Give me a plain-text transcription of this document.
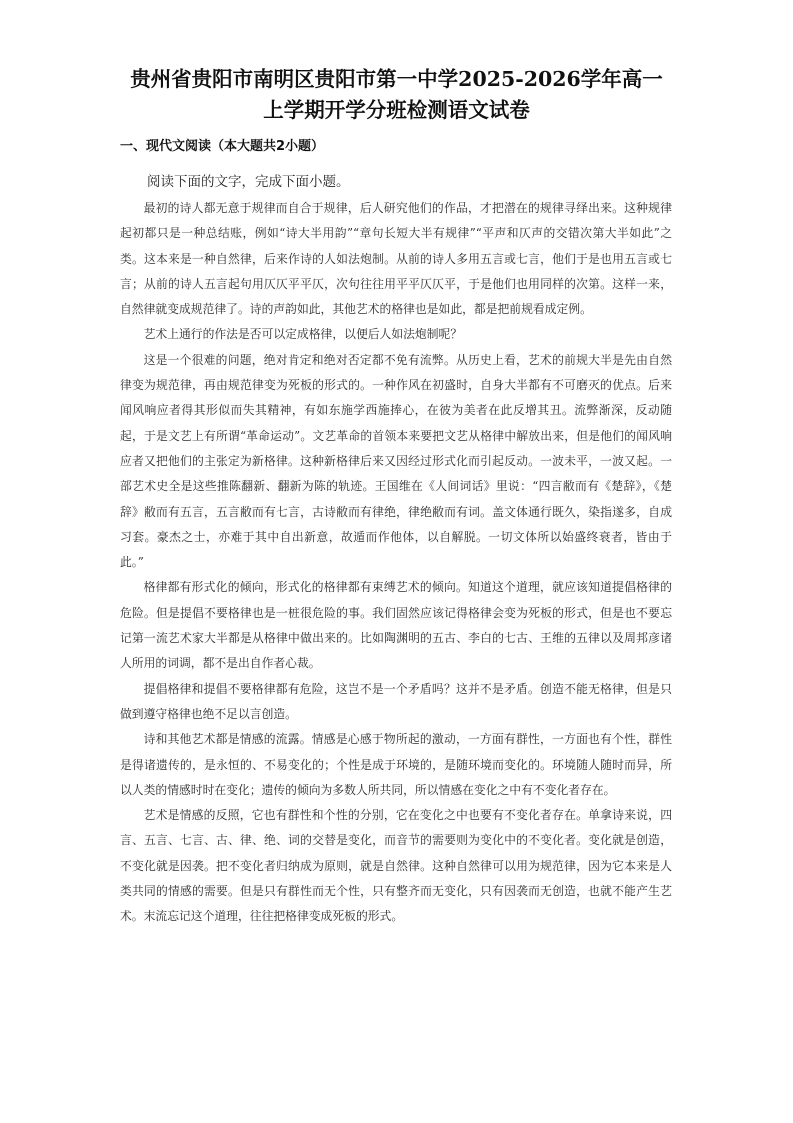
贵州省贵阳市南明区贵阳市第一中学2025-2026学年高一
上学期开学分班检测语文试卷
一、现代文阅读（本大题共2小题）

阅读下面的文字，完成下面小题。

最初的诗人都无意于规律而自合于规律，后人研究他们的作品，才把潜在的规律寻绎出来。这种规律起初都只是一种总结账，例如“诗大半用韵”“章句长短大半有规律”“平声和仄声的交错次第大半如此”之类。这本来是一种自然律，后来作诗的人如法炮制。从前的诗人多用五言或七言，他们于是也用五言或七言；从前的诗人五言起句用仄仄平平仄，次句往往用平平仄仄平，于是他们也用同样的次第。这样一来，自然律就变成规范律了。诗的声韵如此，其他艺术的格律也是如此，都是把前规看成定例。

艺术上通行的作法是否可以定成格律，以便后人如法炮制呢？

这是一个很难的问题，绝对肯定和绝对否定都不免有流弊。从历史上看，艺术的前规大半是先由自然律变为规范律，再由规范律变为死板的形式的。一种作风在初盛时，自身大半都有不可磨灭的优点。后来闻风响应者得其形似而失其精神，有如东施学西施捧心，在彼为美者在此反增其丑。流弊渐深，反动随起，于是文艺上有所谓“革命运动”。文艺革命的首领本来要把文艺从格律中解放出来，但是他们的闻风响应者又把他们的主张定为新格律。这种新格律后来又因经过形式化而引起反动。一波未平，一波又起。一部艺术史全是这些推陈翻新、翻新为陈的轨迹。王国维在《人间词话》里说：“四言敝而有《楚辞》，《楚辞》敝而有五言，五言敝而有七言，古诗敝而有律绝，律绝敝而有词。盖文体通行既久，染指遂多，自成习套。豪杰之士，亦难于其中自出新意，故遁而作他体，以自解脱。一切文体所以始盛终衰者，皆由于此。”

格律都有形式化的倾向，形式化的格律都有束缚艺术的倾向。知道这个道理，就应该知道提倡格律的危险。但是提倡不要格律也是一桩很危险的事。我们固然应该记得格律会变为死板的形式，但是也不要忘记第一流艺术家大半都是从格律中做出来的。比如陶渊明的五古、李白的七古、王维的五律以及周邦彦诸人所用的词调，都不是出自作者心裁。

提倡格律和提倡不要格律都有危险，这岂不是一个矛盾吗？这并不是矛盾。创造不能无格律，但是只做到遵守格律也绝不足以言创造。

诗和其他艺术都是情感的流露。情感是心感于物所起的激动，一方面有群性，一方面也有个性，群性是得诸遗传的，是永恒的、不易变化的；个性是成于环境的，是随环境而变化的。环境随人随时而异，所以人类的情感时时在变化；遗传的倾向为多数人所共同，所以情感在变化之中有不变化者存在。

艺术是情感的反照，它也有群性和个性的分别，它在变化之中也要有不变化者存在。单拿诗来说，四言、五言、七言、古、律、绝、词的交替是变化，而音节的需要则为变化中的不变化者。变化就是创造，不变化就是因袭。把不变化者归纳成为原则，就是自然律。这种自然律可以用为规范律，因为它本来是人类共同的情感的需要。但是只有群性而无个性，只有整齐而无变化，只有因袭而无创造，也就不能产生艺术。末流忘记这个道理，往往把格律变成死板的形式。
